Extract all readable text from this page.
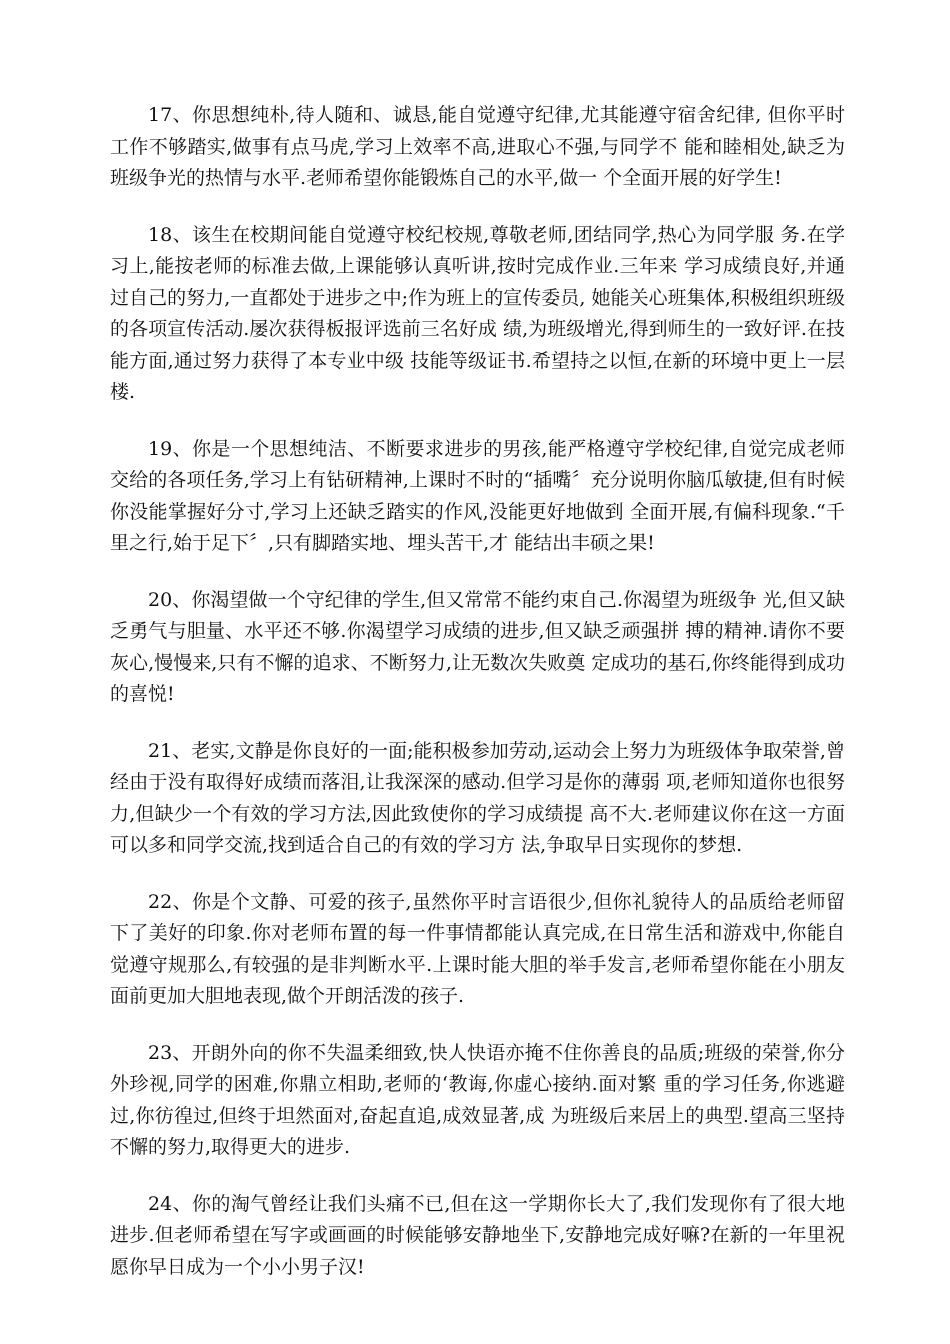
17、你思想纯朴,待人随和、诚恳,能自觉遵守纪律,尤其能遵守宿舍纪律, 但你平时工作不够踏实,做事有点马虎,学习上效率不高,进取心不强,与同学不 能和睦相处,缺乏为班级争光的热情与水平.老师希望你能锻炼自己的水平,做一 个全面开展的好学生!

18、该生在校期间能自觉遵守校纪校规,尊敬老师,团结同学,热心为同学服 务.在学习上,能按老师的标准去做,上课能够认真听讲,按时完成作业.三年来 学习成绩良好,并通过自己的努力,一直都处于进步之中;作为班上的宣传委员, 她能关心班集体,积极组织班级的各项宣传活动.屡次获得板报评选前三名好成 绩,为班级增光,得到师生的一致好评.在技能方面,通过努力获得了本专业中级 技能等级证书.希望持之以恒,在新的环境中更上一层楼.

19、你是一个思想纯洁、不断要求进步的男孩,能严格遵守学校纪律,自觉完成老师交给的各项任务,学习上有钻研精神,上课时不时的“插嘴〞充分说明你脑瓜敏捷,但有时候你没能掌握好分寸,学习上还缺乏踏实的作风,没能更好地做到 全面开展,有偏科现象.“千里之行,始于足下〞,只有脚踏实地、埋头苦干,才 能结出丰硕之果!

20、你渴望做一个守纪律的学生,但又常常不能约束自己.你渴望为班级争 光,但又缺乏勇气与胆量、水平还不够.你渴望学习成绩的进步,但又缺乏顽强拼 搏的精神.请你不要灰心,慢慢来,只有不懈的追求、不断努力,让无数次失败奠 定成功的基石,你终能得到成功的喜悦!

21、老实,文静是你良好的一面;能积极参加劳动,运动会上努力为班级体争取荣誉,曾经由于没有取得好成绩而落泪,让我深深的感动.但学习是你的薄弱 项,老师知道你也很努力,但缺少一个有效的学习方法,因此致使你的学习成绩提 高不大.老师建议你在这一方面可以多和同学交流,找到适合自己的有效的学习方 法,争取早日实现你的梦想.

22、你是个文静、可爱的孩子,虽然你平时言语很少,但你礼貌待人的品质给老师留下了美好的印象.你对老师布置的每一件事情都能认真完成,在日常生活和游戏中,你能自觉遵守规那么,有较强的是非判断水平.上课时能大胆的举手发言,老师希望你能在小朋友面前更加大胆地表现,做个开朗活泼的孩子.

23、开朗外向的你不失温柔细致,快人快语亦掩不住你善良的品质;班级的荣誉,你分外珍视,同学的困难,你鼎立相助,老师的‘教诲,你虚心接纳.面对繁 重的学习任务,你逃避过,你彷徨过,但终于坦然面对,奋起直追,成效显著,成 为班级后来居上的典型.望高三坚持不懈的努力,取得更大的进步.

24、你的淘气曾经让我们头痛不已,但在这一学期你长大了,我们发现你有了很大地进步.但老师希望在写字或画画的时候能够安静地坐下,安静地完成好嘛?在新的一年里祝愿你早日成为一个小小男子汉!
